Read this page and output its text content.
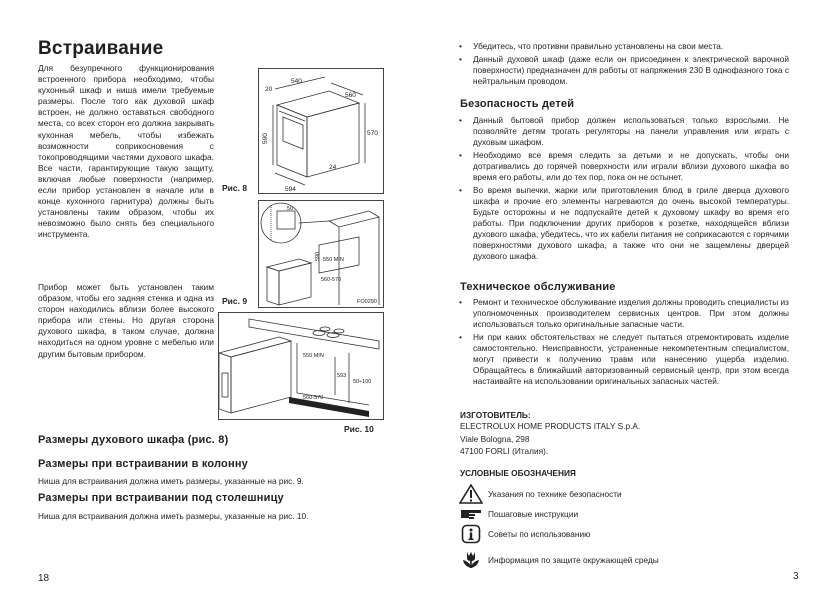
Встраивание

Для безупречного функционирования встроенного прибора необходимо, чтобы кухонный шкаф и ниша имели требуемые размеры. После того как духовой шкаф встроен, не должно оставаться свободного места, со всех сторон его должна закрывать кухонная мебель, чтобы избежать возможности соприкосновения с токопроводящими частями духового шкафа. Все части, гарантирующие такую защиту, включая любые поверхности (например, если прибор установлен в начале или в конце кухонного гарнитура) должны быть установлены таким образом, чтобы их невозможно было снять без специального инструмента.

Прибор может быть установлен таким образом, чтобы его задняя стенка и одна из сторон находились вблизи более высокого прибора или стены. Но другая сторона духового шкафа, в таком случае, должна находиться на одном уровне с мебелью или другим бытовым прибором.

Рис. 8
20
540
560
590	570
594
24
Рис. 9
50
590 550 MIN
560-570
FO0290
550 MIN
593
560-570
50÷100
Рис. 10
Размеры духового шкафа (рис. 8)
Размеры при встраивании в колонну

Ниша для встраивания должна иметь размеры, указанные на рис. 9.

Размеры при встраивании под столешницу

Ниша для встраивания должна иметь размеры, указанные на рис. 10.

18
• Убедитесь, что противни правильно установлены на свои места.
• Данный духовой шкаф (даже если он присоединен к электрической варочной поверхности) предназначен для работы от напряжения 230 В однофазного тока с нейтральным проводом.
Безопасность детей
• Данный бытовой прибор должен использоваться только взрослыми. Не позволяйте детям трогать регуляторы на панели управления или играть с духовым шкафом.
• Необходимо все время следить за детьми и не допускать, чтобы они дотрагивались до горячей поверхности или играли вблизи духового шкафа во время его работы, или до тех пор, пока он не остынет.
• Во время выпечки, жарки или приготовления блюд в гриле дверца духового шкафа и прочие его элементы нагреваются до очень высокой температуры. Будьте осторожны и не подпускайте детей к духовому шкафу во время его работы. При подключении других приборов к розетке, находящейся вблизи духового шкафа, убедитесь, что их кабели питания не соприкасаются с горячими поверхностями духового шкафа, а также что они не защемлены дверцей духового шкафа.
Техническое обслуживание
• Ремонт и техническое обслуживание изделия должны проводить специалисты из уполномоченных производителем сервисных центров. При этом должны использоваться только оригинальные запасные части.
• Ни при каких обстоятельствах не следует пытаться отремонтировать изделие самостоятельно. Неисправности, устраненные некомпетентным специалистом, могут привести к получению травм или нанесению ущерба изделию. Обращайтесь в ближайший авторизованный сервисный центр, при этом всегда настаивайте на использовании оригинальных запасных частей.
ИЗГОТОВИТЕЛЬ:
ELECTROLUX HOME PRODUCTS ITALY S.p.A.
Viale Bologna, 298
47100 FORLI (Италия).
УСЛОВНЫЕ ОБОЗНАЧЕНИЯ
Указания по технике безопасности
Пошаговые инструкции
Советы по использованию
Информация по защите окружающей среды
3
